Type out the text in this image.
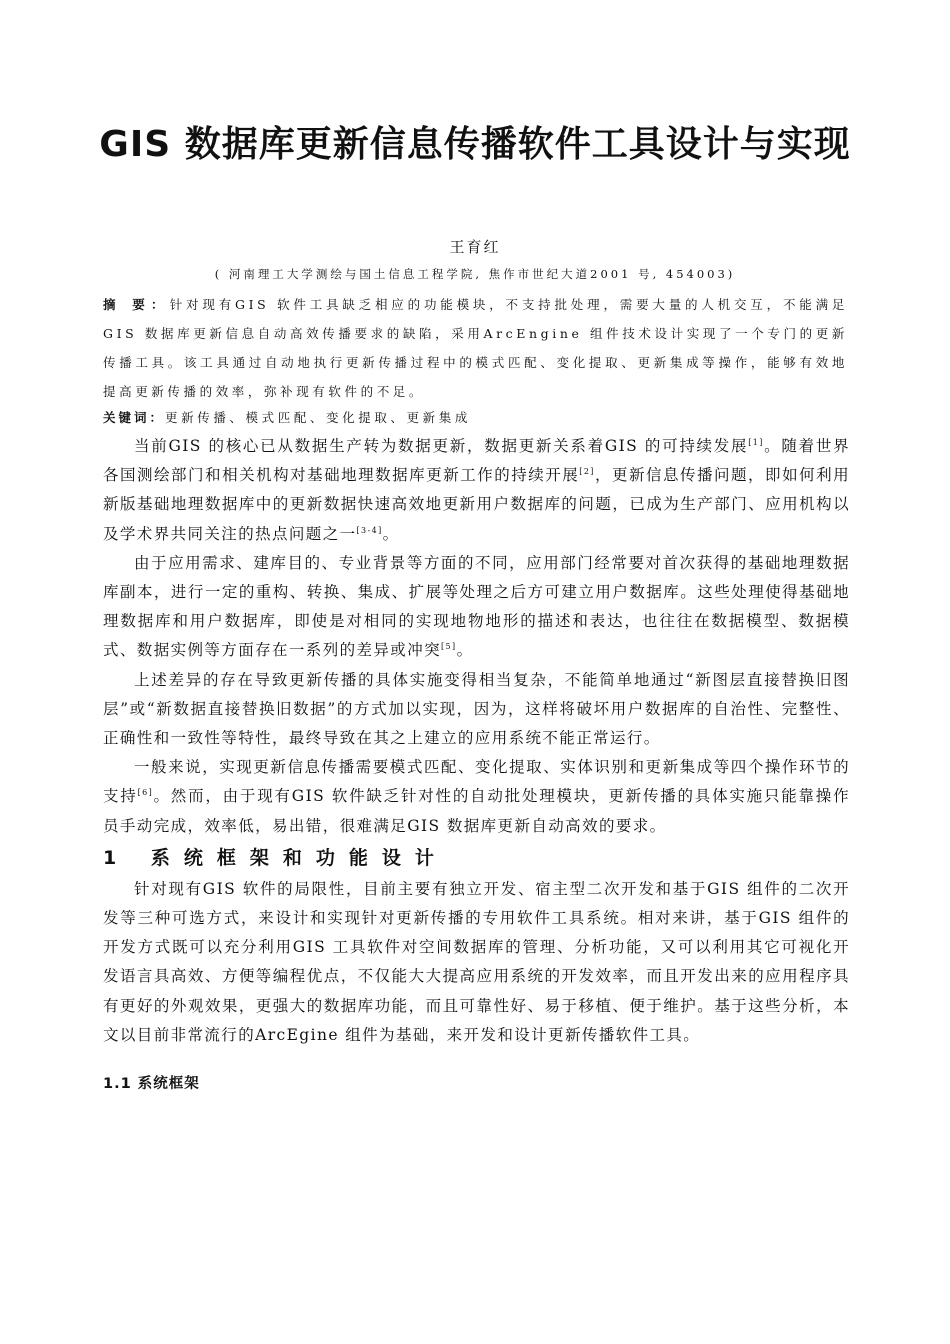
GIS 数据库更新信息传播软件工具设计与实现
王育红
( 河南理工大学测绘与国土信息工程学院, 焦作市世纪大道2001 号, 454003)
摘 要：针对现有GIS 软件工具缺乏相应的功能模块，不支持批处理，需要大量的人机交互，不能满足GIS 数据库更新信息自动高效传播要求的缺陷，采用ArcEngine 组件技术设计实现了一个专门的更新传播工具。该工具通过自动地执行更新传播过程中的模式匹配、变化提取、更新集成等操作，能够有效地提高更新传播的效率，弥补现有软件的不足。
关键词：更新传播、模式匹配、变化提取、更新集成

当前GIS 的核心已从数据生产转为数据更新，数据更新关系着GIS 的可持续发展[1]。随着世界各国测绘部门和相关机构对基础地理数据库更新工作的持续开展[2]，更新信息传播问题，即如何利用新版基础地理数据库中的更新数据快速高效地更新用户数据库的问题，已成为生产部门、应用机构以及学术界共同关注的热点问题之一[3-4]。

由于应用需求、建库目的、专业背景等方面的不同，应用部门经常要对首次获得的基础地理数据库副本，进行一定的重构、转换、集成、扩展等处理之后方可建立用户数据库。这些处理使得基础地理数据库和用户数据库，即使是对相同的实现地物地形的描述和表达，也往往在数据模型、数据模式、数据实例等方面存在一系列的差异或冲突[5]。

上述差异的存在导致更新传播的具体实施变得相当复杂，不能简单地通过“新图层直接替换旧图层”或“新数据直接替换旧数据”的方式加以实现，因为，这样将破坏用户数据库的自治性、完整性、正确性和一致性等特性，最终导致在其之上建立的应用系统不能正常运行。

一般来说，实现更新信息传播需要模式匹配、变化提取、实体识别和更新集成等四个操作环节的支持[6]。然而，由于现有GIS 软件缺乏针对性的自动批处理模块，更新传播的具体实施只能靠操作员手动完成，效率低，易出错，很难满足GIS 数据库更新自动高效的要求。

1 系统框架和功能设计

针对现有GIS 软件的局限性，目前主要有独立开发、宿主型二次开发和基于GIS 组件的二次开发等三种可选方式，来设计和实现针对更新传播的专用软件工具系统。相对来讲，基于GIS 组件的开发方式既可以充分利用GIS 工具软件对空间数据库的管理、分析功能，又可以利用其它可视化开发语言具高效、方便等编程优点，不仅能大大提高应用系统的开发效率，而且开发出来的应用程序具有更好的外观效果，更强大的数据库功能，而且可靠性好、易于移植、便于维护。基于这些分析，本文以目前非常流行的ArcEgine 组件为基础，来开发和设计更新传播软件工具。

1.1 系统框架
